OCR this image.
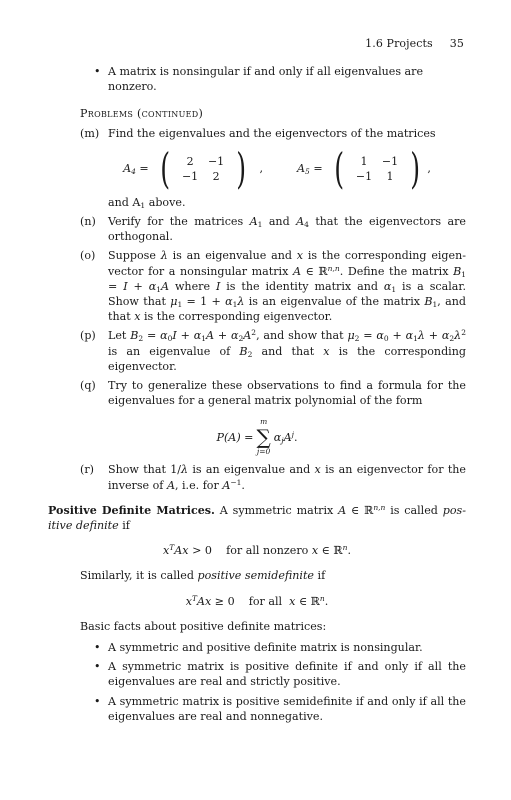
1.6 Projects 35
• A matrix is nonsingular if and only if all eigenvalues are nonzero.
Problems (continued)
(m) Find the eigenvalues and the eigenvectors of the matrices
$A_4$ = (	2	−1
−1	2 ) ,	$A_5$ = (	1	−1
−1	1 ) ,
and $A_1$ above.
(n) Verify for the matrices $A_1$ and $A_4$ that the eigenvectors are orthogonal.
(o) Suppose λ is an eigenvalue and x is the corresponding eigenvector for a nonsingular matrix A ∈ ℝ$^{n,n}$. Define the matrix $B_1 = I + \alpha_1A$ where I is the identity matrix and $\alpha_1$ is a scalar. Show that $\mu_1 = 1 + \alpha_1\lambda$ is an eigenvalue of the matrix $B_1$, and that x is the corresponding eigenvector.
(p) Let $B_2 = \alpha_0I + \alpha_1A + \alpha_2A^2$, and show that $\mu_2 = \alpha_0 + \alpha_1\lambda + \alpha_2\lambda^2$ is an eigenvalue of $B_2$ and that x is the corresponding eigenvector.
(q) Try to generalize these observations to find a formula for the eigenvalues for a general matrix polynomial of the form
P(A) =
m
∑
j=0
$\alpha_jA^j$.
(r) Show that 1/λ is an eigenvalue and x is an eigenvector for the inverse of A, i.e. for $A^{-1}$.
Positive Definite Matrices. A symmetric matrix A ∈ ℝ$^{n,n}$ is called positive definite if
$x^TAx > 0$    for all nonzero x ∈ ℝ$^n$.
Similarly, it is called positive semidefinite if
$x^TAx \ge 0$    for all  x ∈ ℝ$^n$.
Basic facts about positive definite matrices:
• A symmetric and positive definite matrix is nonsingular.
• A symmetric matrix is positive definite if and only if all the eigenvalues are real and strictly positive.
• A symmetric matrix is positive semidefinite if and only if all the eigenvalues are real and nonnegative.
